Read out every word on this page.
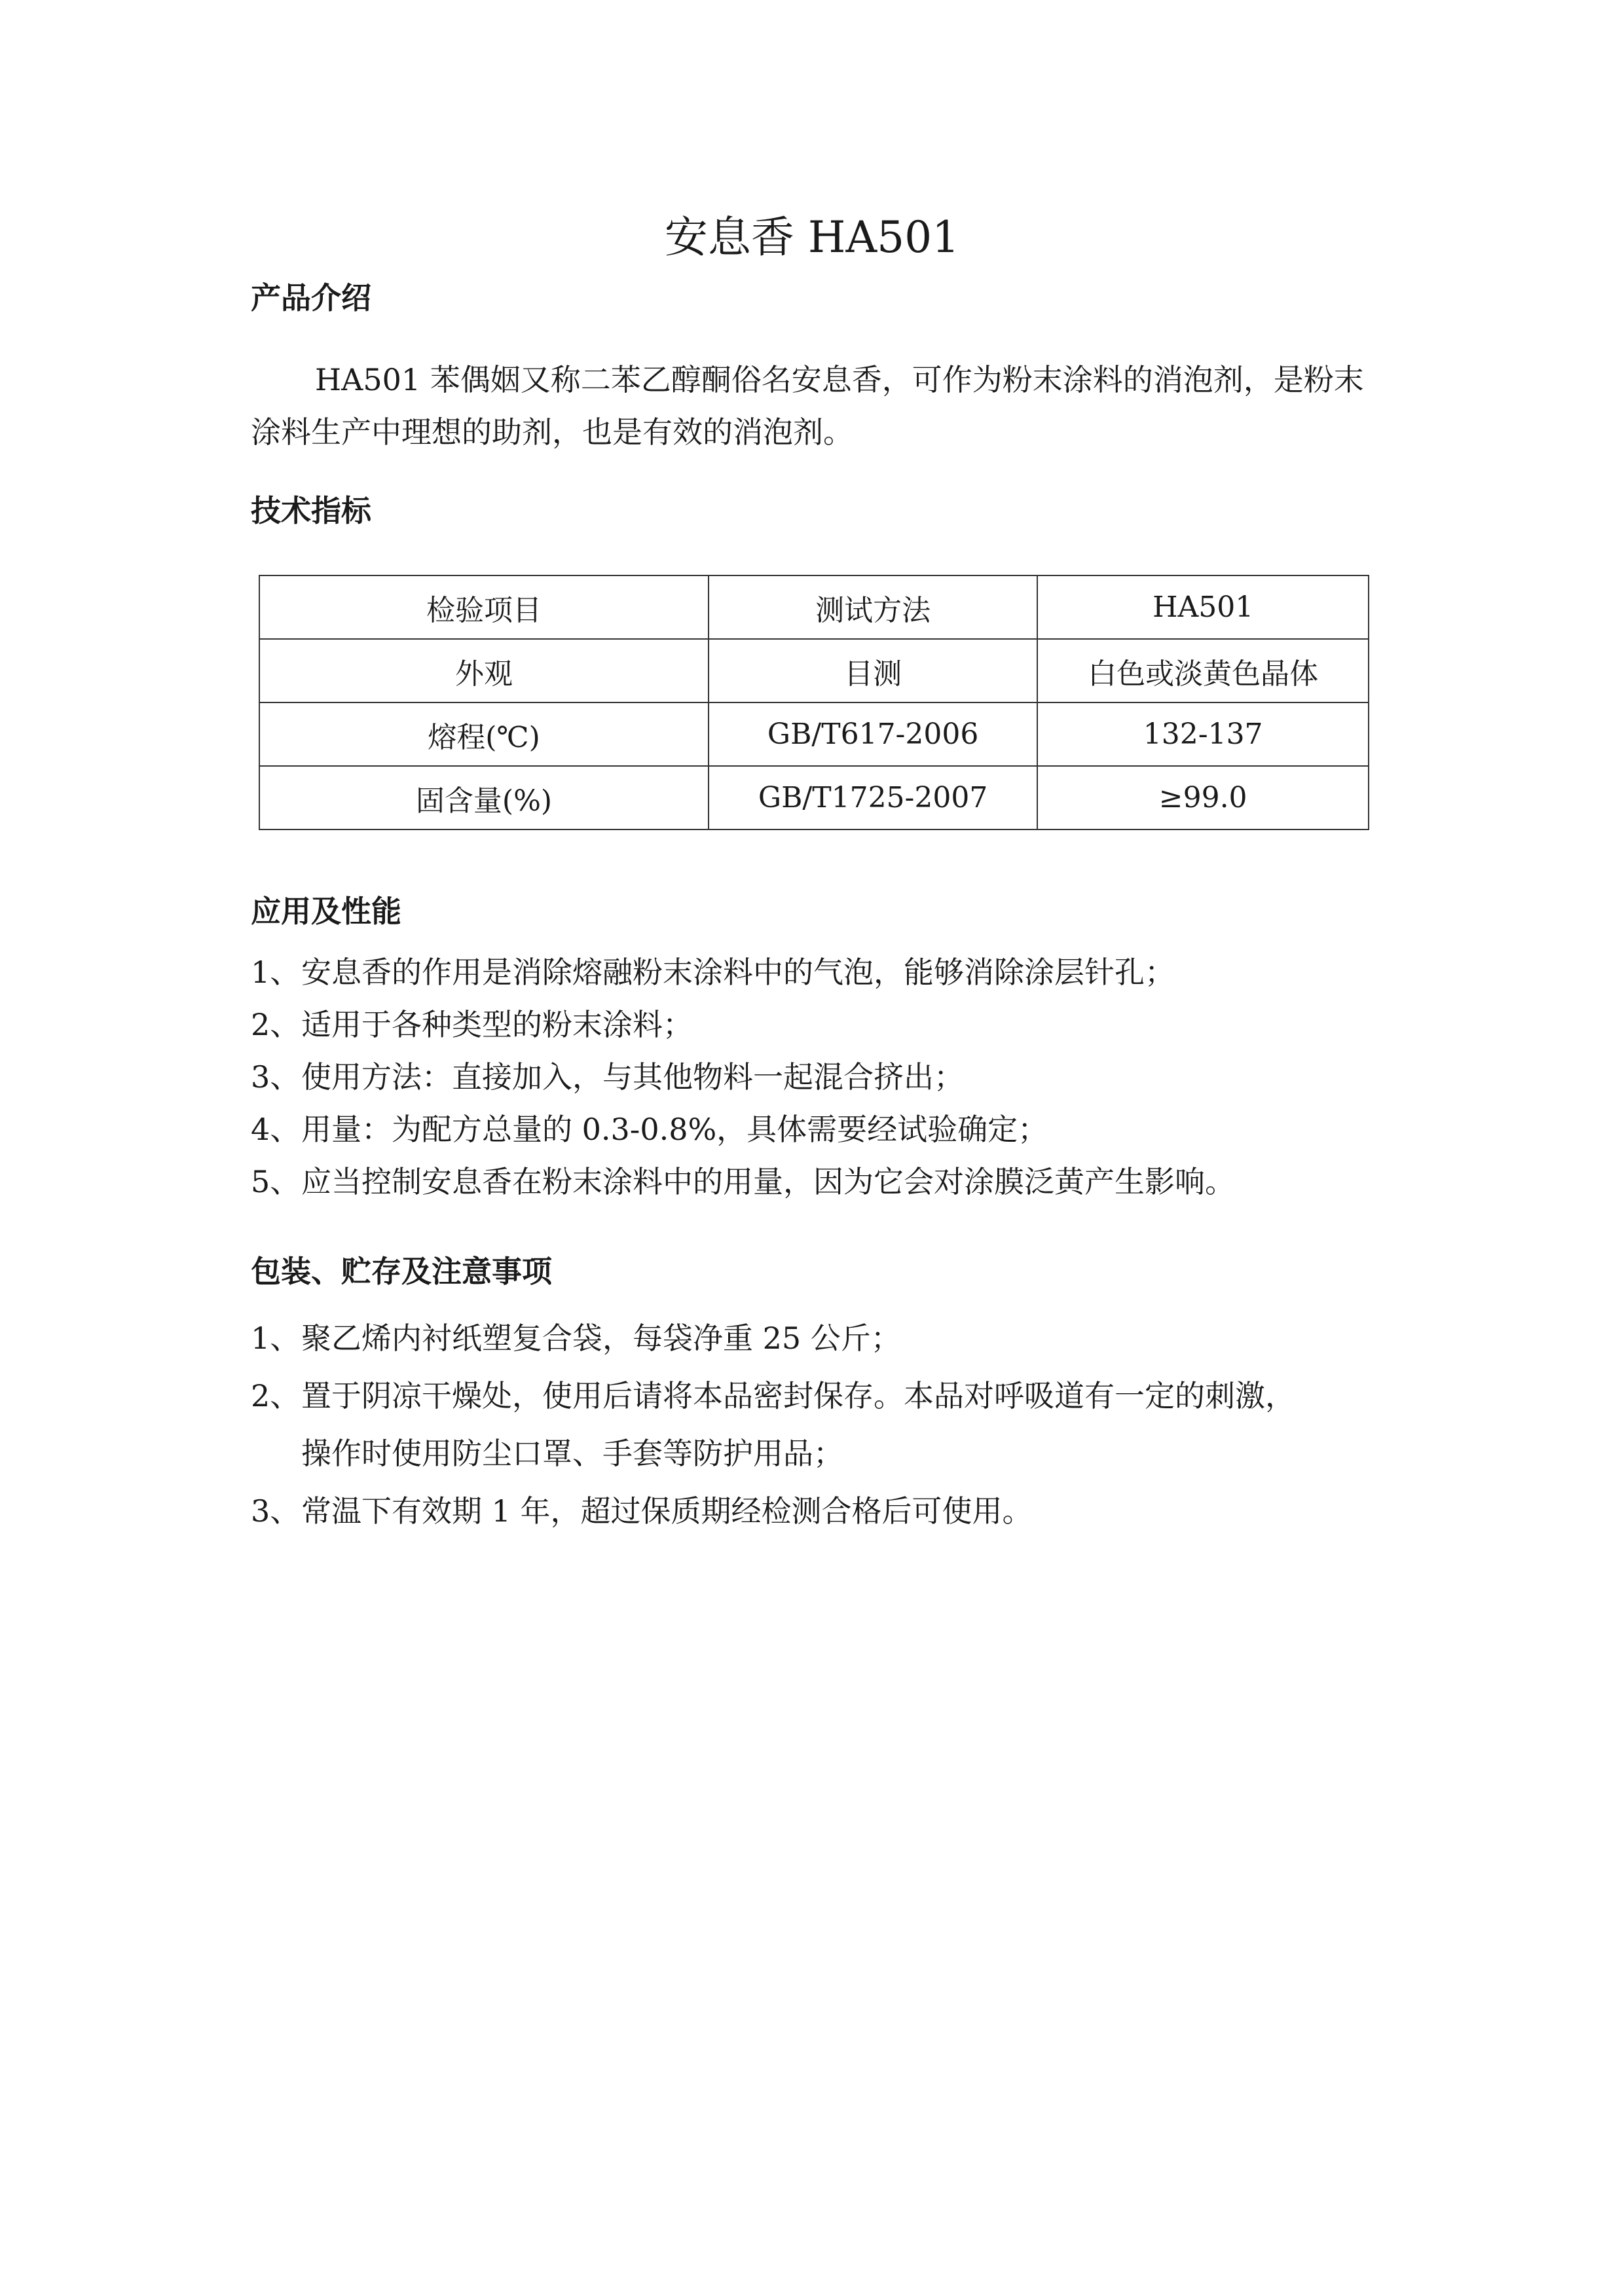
安息香 HA501
产品介绍

HA501 苯偶姻又称二苯乙醇酮俗名安息香，可作为粉末涂料的消泡剂，是粉末涂料生产中理想的助剂，也是有效的消泡剂。

技术指标
检验项目	测试方法	HA501
外观	目测	白色或淡黄色晶体
熔程(℃)	GB/T617-2006	132-137
固含量(%)	GB/T1725-2007	≥99.0
应用及性能
1、 安息香的作用是消除熔融粉末涂料中的气泡，能够消除涂层针孔；
2、 适用于各种类型的粉末涂料；
3、 使用方法：直接加入，与其他物料一起混合挤出；
4、 用量：为配方总量的 0.3-0.8%，具体需要经试验确定；
5、 应当控制安息香在粉末涂料中的用量，因为它会对涂膜泛黄产生影响。
包装、贮存及注意事项
1、 聚乙烯内衬纸塑复合袋，每袋净重 25 公斤；
2、 置于阴凉干燥处，使用后请将本品密封保存。本品对呼吸道有一定的刺激，
操作时使用防尘口罩、手套等防护用品；
3、 常温下有效期 1 年，超过保质期经检测合格后可使用。
